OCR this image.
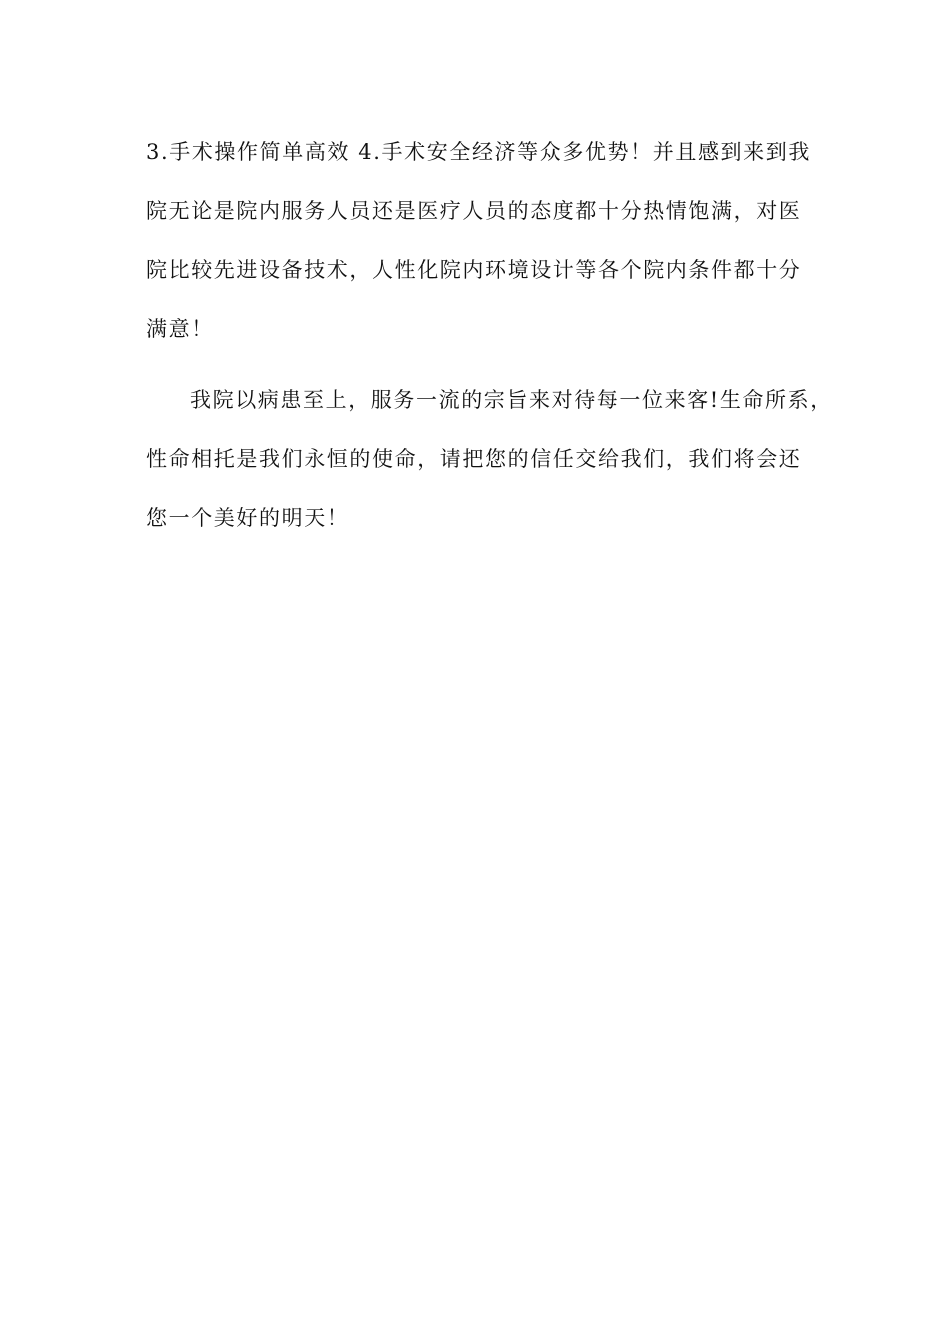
3.手术操作简单高效 4.手术安全经济等众多优势！并且感到来到我
院无论是院内服务人员还是医疗人员的态度都十分热情饱满，对医
院比较先进设备技术，人性化院内环境设计等各个院内条件都十分
满意！

我院以病患至上，服务一流的宗旨来对待每一位来客!生命所系，
性命相托是我们永恒的使命，请把您的信任交给我们，我们将会还
您一个美好的明天！
